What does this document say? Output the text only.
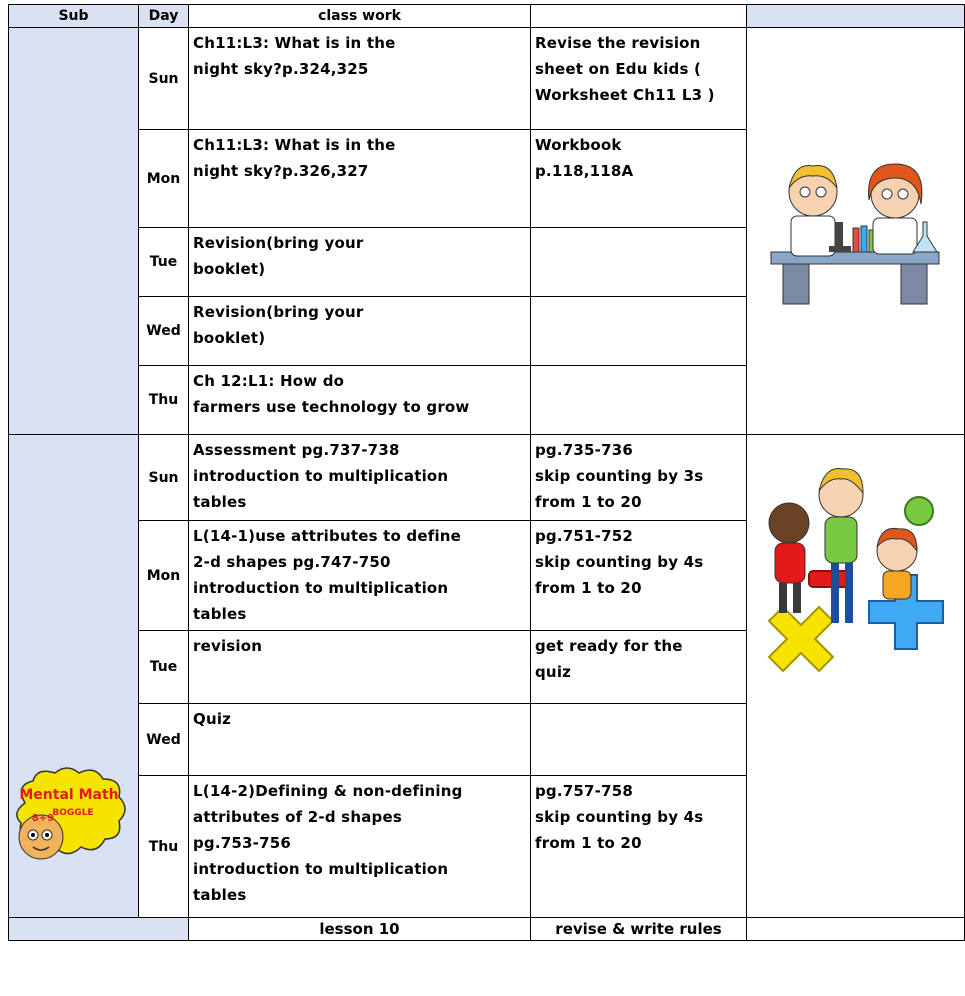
Sub	Day	class work		
	Sun	Ch11:L3: What is in the
night sky?p.324,325	Revise the revision
sheet on Edu kids (
Worksheet Ch11 L3 )

	Mon	Ch11:L3: What is in the
night sky?p.326,327	Workbook
p.118,118A	

	Tue	Revision(bring your
booklet)		

	Wed	Revision(bring your
booklet)		

	Thu	Ch 12:L1: How do
farmers use technology to grow		

Mental Math
BOGGLE
8+9	Sun	Assessment pg.737-738
introduction to multiplication
tables	pg.735-736
skip counting by 3s
from 1 to 20

	Mon	L(14-1)use attributes to define
2-d shapes pg.747-750
introduction to multiplication
tables	pg.751-752
skip counting by 4s
from 1 to 20	

	Tue	revision	get ready for the
quiz	

	Wed	Quiz		

	Thu	L(14-2)Defining & non-defining
attributes of 2-d shapes
pg.753-756
introduction to multiplication
tables	pg.757-758
skip counting by 4s
from 1 to 20	

		lesson 10	revise & write rules	
